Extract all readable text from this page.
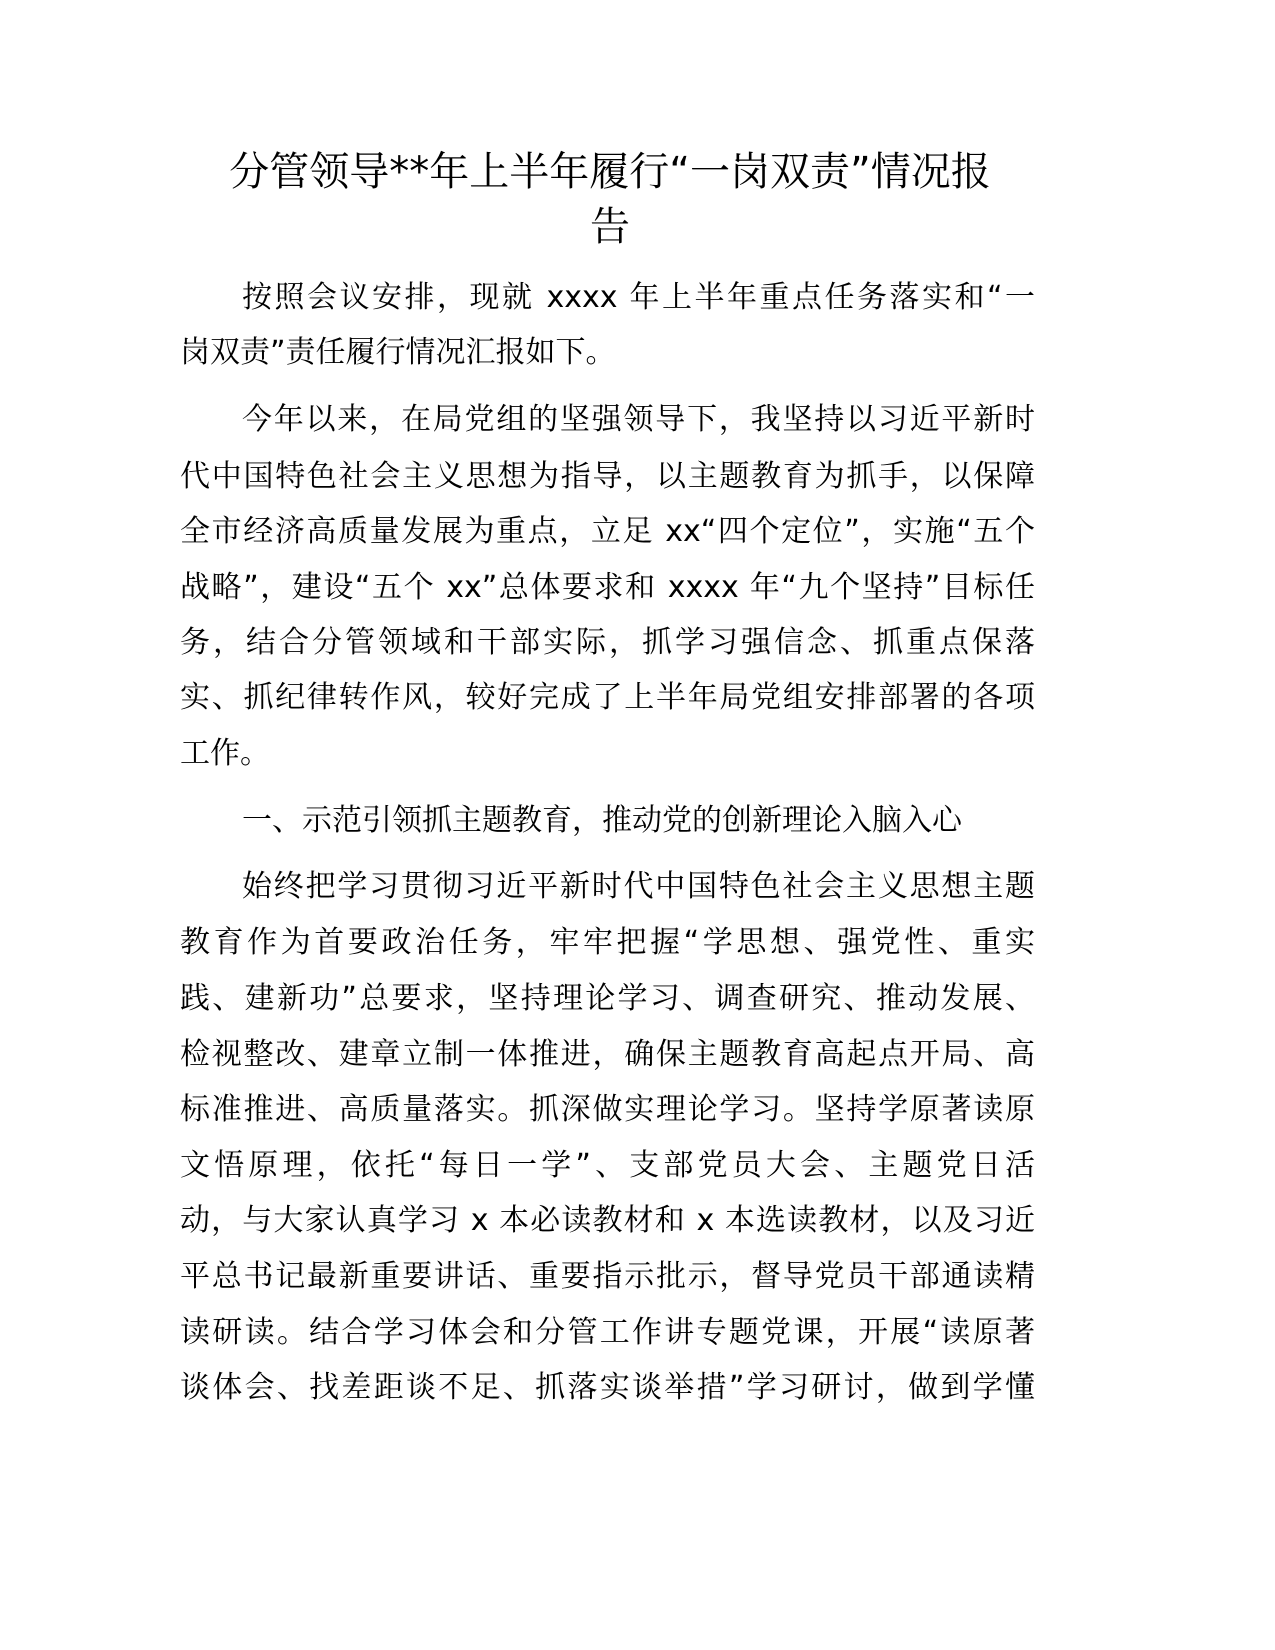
分管领导**年上半年履行“一岗双责”情况报
告
按照会议安排，现就 xxxx 年上半年重点任务落实和“一
岗双责”责任履行情况汇报如下。
今年以来，在局党组的坚强领导下，我坚持以习近平新时
代中国特色社会主义思想为指导，以主题教育为抓手，以保障
全市经济高质量发展为重点，立足 xx“四个定位”，实施“五个
战略”，建设“五个 xx”总体要求和 xxxx 年“九个坚持”目标任
务，结合分管领域和干部实际，抓学习强信念、抓重点保落
实、抓纪律转作风，较好完成了上半年局党组安排部署的各项
工作。
一、示范引领抓主题教育，推动党的创新理论入脑入心
始终把学习贯彻习近平新时代中国特色社会主义思想主题
教育作为首要政治任务，牢牢把握“学思想、强党性、重实
践、建新功”总要求，坚持理论学习、调查研究、推动发展、
检视整改、建章立制一体推进，确保主题教育高起点开局、高
标准推进、高质量落实。抓深做实理论学习。坚持学原著读原
文悟原理，依托“每日一学”、支部党员大会、主题党日活
动，与大家认真学习 x 本必读教材和 x 本选读教材，以及习近
平总书记最新重要讲话、重要指示批示，督导党员干部通读精
读研读。结合学习体会和分管工作讲专题党课，开展“读原著
谈体会、找差距谈不足、抓落实谈举措”学习研讨，做到学懂
